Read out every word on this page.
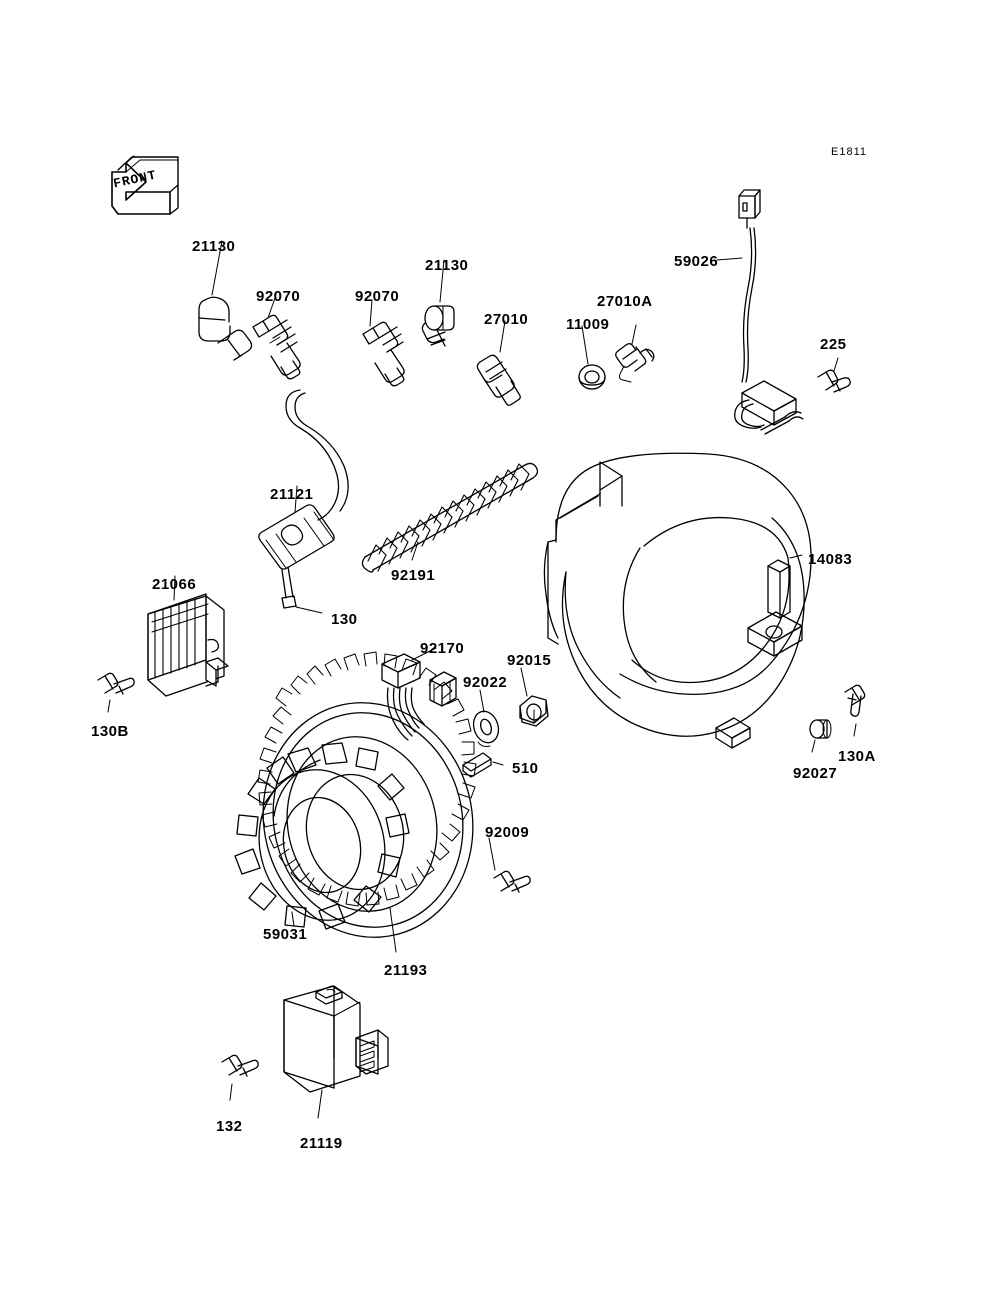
E1811
FRONT
21130
92070	92070
21130
27010	11009
27010A
59026
225
21121
92191
14083
21066
130
130B
92170
92015
92022
510	92027
130A
92009
59031
21193
132
21119
